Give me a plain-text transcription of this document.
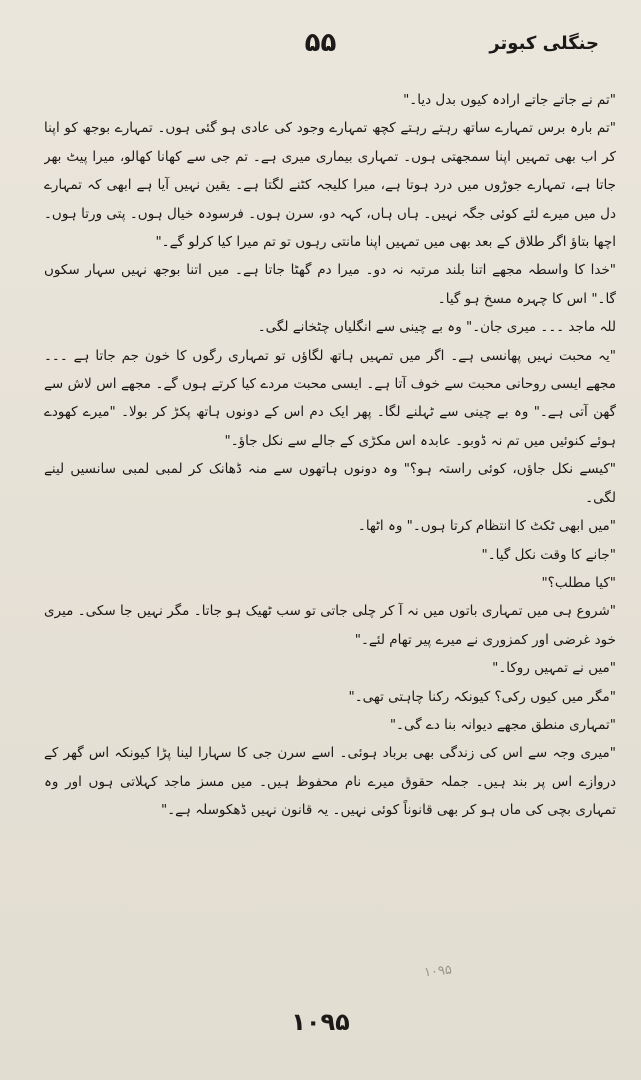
۵۵	جنگلی کبوتر

"تم نے جاتے جاتے ارادہ کیوں بدل دیا۔"

"تم بارہ برس تمہارے ساتھ رہتے رہتے کچھ تمہارے وجود کی عادی ہو گئی ہوں۔ تمہارے بوجھ کو اپنا کر اب بھی تمہیں اپنا سمجھتی ہوں۔ تمہاری بیماری میری ہے۔ تم جی سے کھانا کھالو، میرا پیٹ بھر جاتا ہے، تمہارے جوڑوں میں درد ہوتا ہے، میرا کلیجہ کٹنے لگتا ہے۔ یقین نہیں آیا ہے ابھی کہ تمہارے دل میں میرے لئے کوئی جگہ نہیں۔ ہاں ہاں، کہہ دو، سرن ہوں۔ فرسودہ خیال ہوں۔ پتی ورتا ہوں۔ اچھا بتاؤ اگر طلاق کے بعد بھی میں تمہیں اپنا مانتی رہوں تو تم میرا کیا کرلو گے۔"

"خدا کا واسطہ مجھے اتنا بلند مرتبہ نہ دو۔ میرا دم گھٹا جاتا ہے۔ میں اتنا بوجھ نہیں سہار سکوں گا۔" اس کا چہرہ مسخ ہو گیا۔

للہ ماجد ۔۔۔ میری جان۔" وہ بے چینی سے انگلیاں چٹخانے لگی۔

"یہ محبت نہیں پھانسی ہے۔ اگر میں تمہیں ہاتھ لگاؤں تو تمہاری رگوں کا خون جم جاتا ہے ۔۔۔ مجھے ایسی روحانی محبت سے خوف آتا ہے۔ ایسی محبت مردے کیا کرتے ہوں گے۔ مجھے اس لاش سے گھن آتی ہے۔" وہ بے چینی سے ٹہلنے لگا۔ پھر ایک دم اس کے دونوں ہاتھ پکڑ کر بولا۔ "میرے کھودے ہوئے کنوئیں میں تم نہ ڈوبو۔ عابدہ اس مکڑی کے جالے سے نکل جاؤ۔"

"کیسے نکل جاؤں، کوئی راستہ ہو؟" وہ دونوں ہاتھوں سے منہ ڈھانک کر لمبی لمبی سانسیں لینے لگی۔

"میں ابھی ٹکٹ کا انتظام کرتا ہوں۔" وہ اٹھا۔

"جانے کا وقت نکل گیا۔"

"کیا مطلب؟"

"شروع ہی میں تمہاری باتوں میں نہ آ کر چلی جاتی تو سب ٹھیک ہو جاتا۔ مگر نہیں جا سکی۔ میری خود غرضی اور کمزوری نے میرے پیر تھام لئے۔"

"میں نے تمہیں روکا۔"

"مگر میں کیوں رکی؟ کیونکہ رکنا چاہتی تھی۔"

"تمہاری منطق مجھے دیوانہ بنا دے گی۔"

"میری وجہ سے اس کی زندگی بھی برباد ہوئی۔ اسے سرن جی کا سہارا لینا پڑا کیونکہ اس گھر کے دروازے اس پر بند ہیں۔ جملہ حقوق میرے نام محفوظ ہیں۔ میں مسز ماجد کہلاتی ہوں اور وہ تمہاری بچی کی ماں ہو کر بھی قانوناً کوئی نہیں۔ یہ قانون نہیں ڈھکوسلہ ہے۔"

۱۰۹۵
۱۰۹۵
